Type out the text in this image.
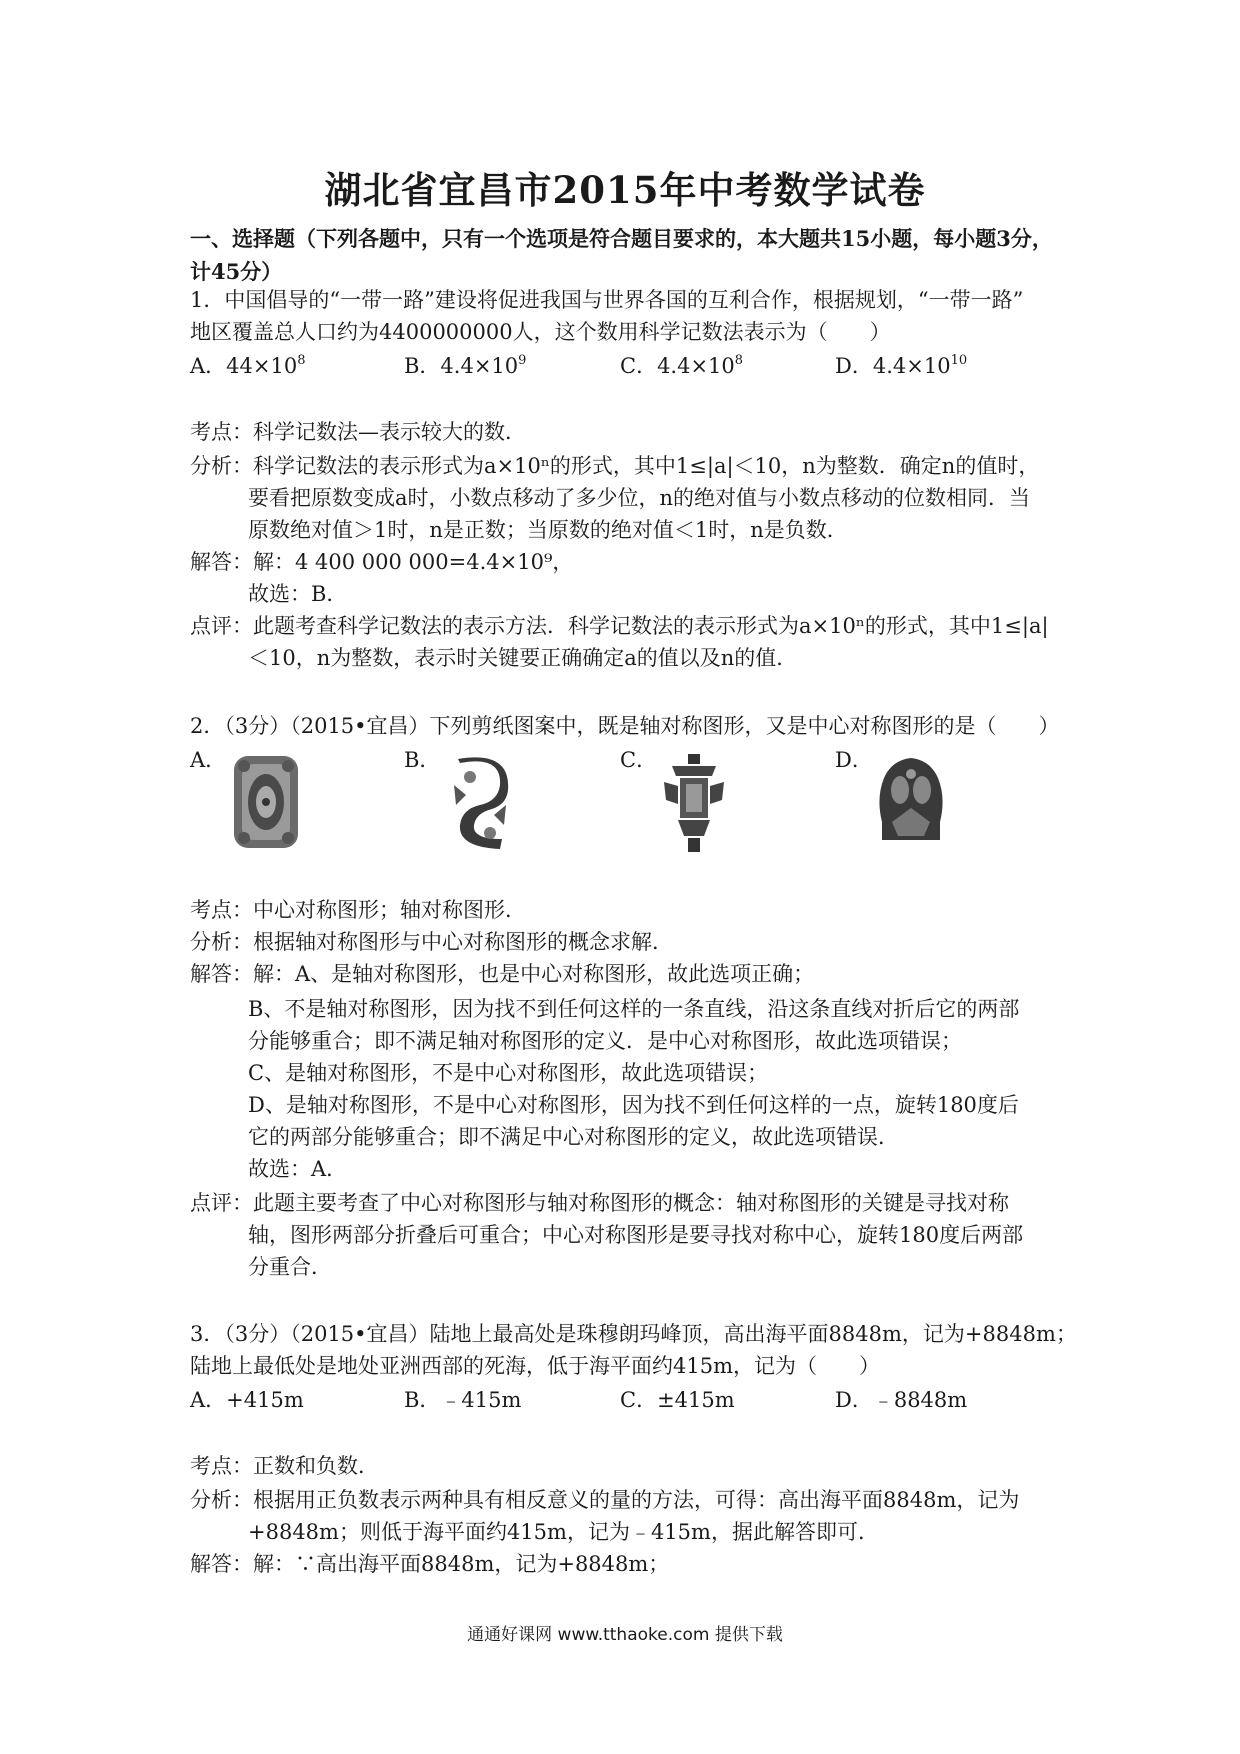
湖北省宜昌市2015年中考数学试卷
一、选择题（下列各题中，只有一个选项是符合题目要求的，本大题共15小题，每小题3分，计45分）
1．中国倡导的“一带一路”建设将促进我国与世界各国的互利合作，根据规划，“一带一路”
地区覆盖总人口约为4400000000人，这个数用科学记数法表示为（　　）
A．$44\times 10^8$	B．$4.4\times 10^9$	C．$4.4\times 10^8$	D．$4.4\times 10^{10}$
考点：科学记数法—表示较大的数．
分析：科学记数法的表示形式为a×10ⁿ的形式，其中1≤|a|＜10，n为整数．确定n的值时，
要看把原数变成a时，小数点移动了多少位，n的绝对值与小数点移动的位数相同．当
原数绝对值＞1时，n是正数；当原数的绝对值＜1时，n是负数．
解答：解：4 400 000 000=4.4×10⁹，
故选：B．
点评：此题考查科学记数法的表示方法．科学记数法的表示形式为a×10ⁿ的形式，其中1≤|a|
＜10，n为整数，表示时关键要正确确定a的值以及n的值．
2．（3分）（2015•宜昌）下列剪纸图案中，既是轴对称图形，又是中心对称图形的是（　　）
A．	B．	C．	D．
考点：中心对称图形；轴对称图形．
分析：根据轴对称图形与中心对称图形的概念求解．
解答：解：A、是轴对称图形，也是中心对称图形，故此选项正确；
B、不是轴对称图形，因为找不到任何这样的一条直线，沿这条直线对折后它的两部
分能够重合；即不满足轴对称图形的定义．是中心对称图形，故此选项错误；
C、是轴对称图形，不是中心对称图形，故此选项错误；
D、是轴对称图形，不是中心对称图形，因为找不到任何这样的一点，旋转180度后
它的两部分能够重合；即不满足中心对称图形的定义，故此选项错误．
故选：A．
点评：此题主要考查了中心对称图形与轴对称图形的概念：轴对称图形的关键是寻找对称
轴，图形两部分折叠后可重合；中心对称图形是要寻找对称中心，旋转180度后两部
分重合．
3．（3分）（2015•宜昌）陆地上最高处是珠穆朗玛峰顶，高出海平面8848m，记为+8848m；
陆地上最低处是地处亚洲西部的死海，低于海平面约415m，记为（　　）
A．+415m	B．﹣415m	C．±415m	D．﹣8848m
考点：正数和负数．
分析：根据用正负数表示两种具有相反意义的量的方法，可得：高出海平面8848m，记为
+8848m；则低于海平面约415m，记为﹣415m，据此解答即可．
解答：解：∵高出海平面8848m，记为+8848m；
通通好课网 www.tthaoke.com 提供下载
